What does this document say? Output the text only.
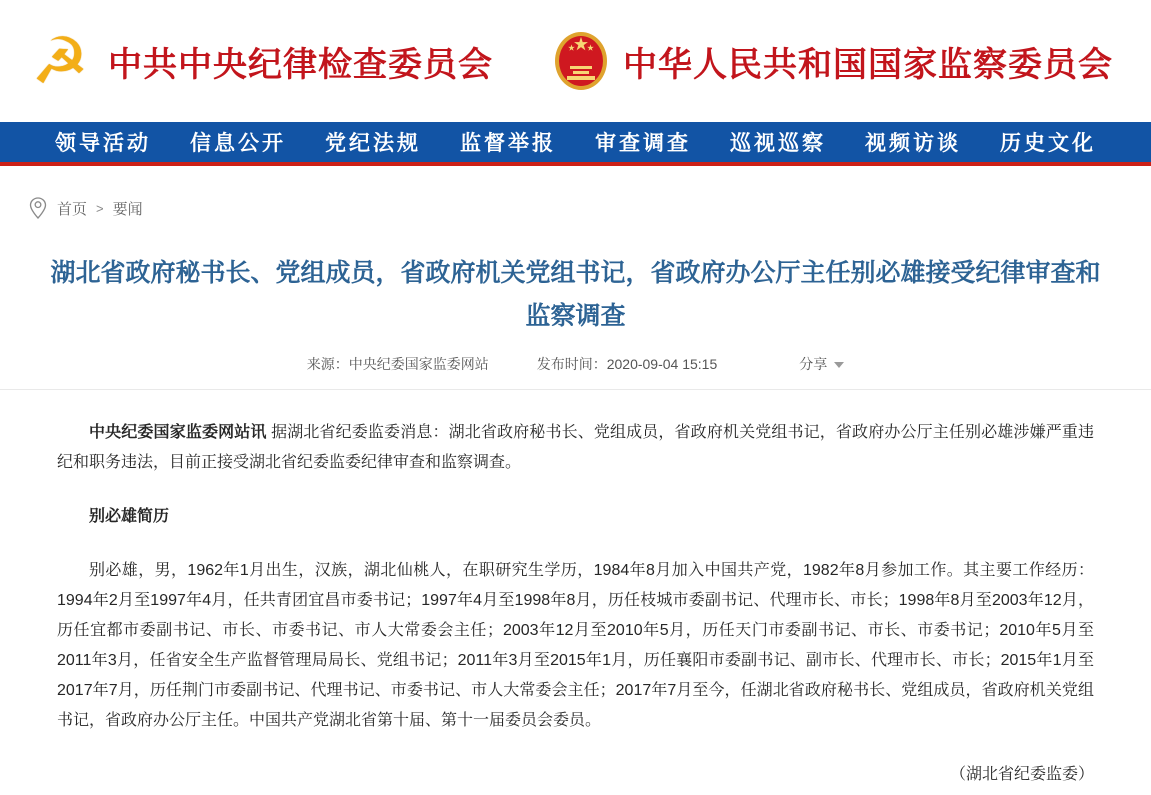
☭ 中共中央纪律检查委员会
★
★ ★ 中华人民共和国国家监察委员会
领导活动 信息公开 党纪法规 监督举报 审查调查 巡视巡察 视频访谈 历史文化
首页 > 要闻
湖北省政府秘书长、党组成员，省政府机关党组书记，省政府办公厅主任别必雄接受纪律审查和监察调查
来源：中央纪委国家监委网站	发布时间：2020-09-04 15:15	分享

中央纪委国家监委网站讯 据湖北省纪委监委消息：湖北省政府秘书长、党组成员，省政府机关党组书记，省政府办公厅主任别必雄涉嫌严重违纪和职务违法，目前正接受湖北省纪委监委纪律审查和监察调查。

别必雄简历

别必雄，男，1962年1月出生，汉族，湖北仙桃人，在职研究生学历，1984年8月加入中国共产党，1982年8月参加工作。其主要工作经历：1994年2月至1997年4月，任共青团宜昌市委书记；1997年4月至1998年8月，历任枝城市委副书记、代理市长、市长；1998年8月至2003年12月，历任宜都市委副书记、市长、市委书记、市人大常委会主任；2003年12月至2010年5月，历任天门市委副书记、市长、市委书记；2010年5月至2011年3月，任省安全生产监督管理局局长、党组书记；2011年3月至2015年1月，历任襄阳市委副书记、副市长、代理市长、市长；2015年1月至2017年7月，历任荆门市委副书记、代理书记、市委书记、市人大常委会主任；2017年7月至今，任湖北省政府秘书长、党组成员，省政府机关党组书记，省政府办公厅主任。中国共产党湖北省第十届、第十一届委员会委员。

（湖北省纪委监委）
